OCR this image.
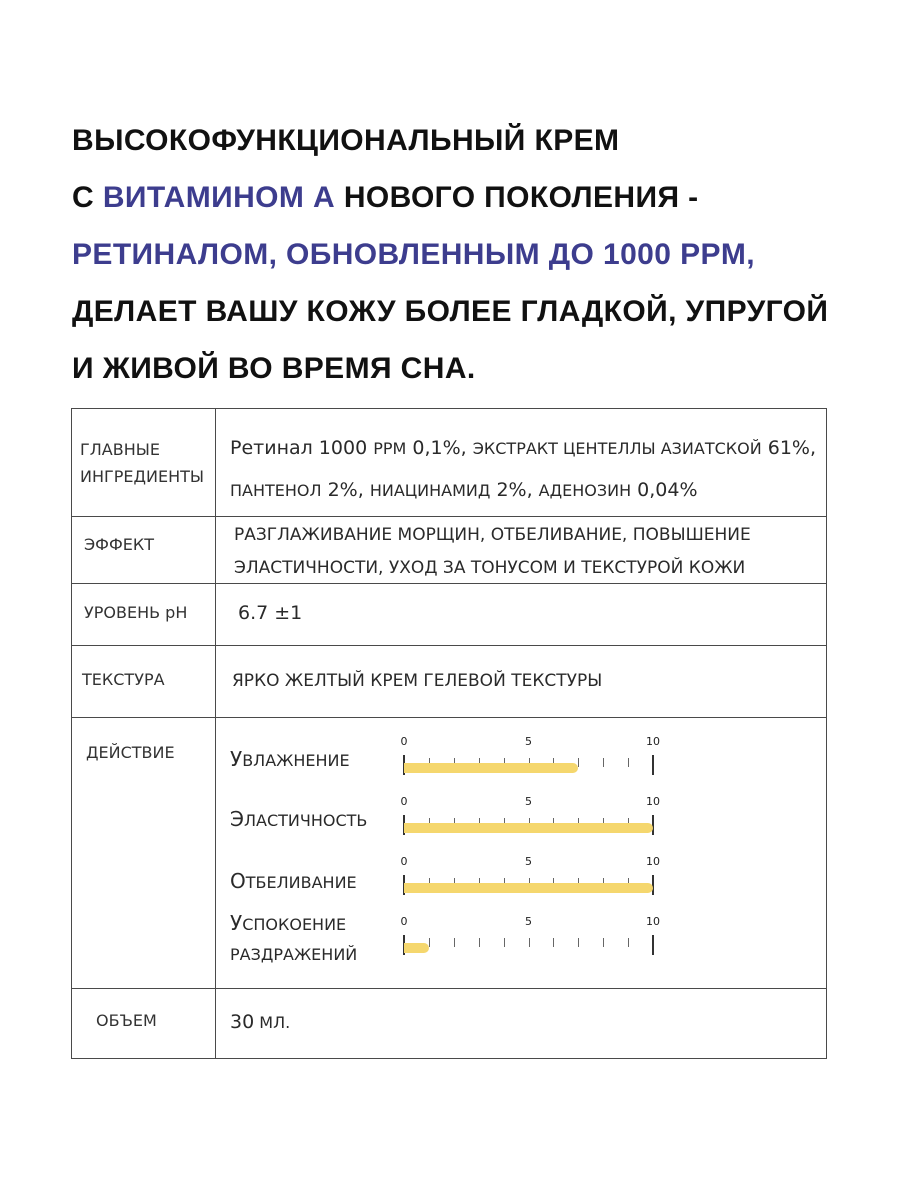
ВЫСОКОФУНКЦИОНАЛЬНЫЙ КРЕМ
С ВИТАМИНОМ А НОВОГО ПОКОЛЕНИЯ -
РЕТИНАЛОМ, ОБНОВЛЕННЫМ ДО 1000 PPM,
ДЕЛАЕТ ВАШУ КОЖУ БОЛЕЕ ГЛАДКОЙ, УПРУГОЙ
И ЖИВОЙ ВО ВРЕМЯ СНА.
ГЛАВНЫЕ ИНГРЕДИЕНТЫ
Ретинал 1000 PPM 0,1%, ЭКСТРАКТ ЦЕНТЕЛЛЫ АЗИАТСКОЙ 61%,
ПАНТЕНОЛ 2%, НИАЦИНАМИД 2%, АДЕНОЗИН 0,04%
ЭФФЕКТ	РАЗГЛАЖИВАНИЕ МОРЩИН, ОТБЕЛИВАНИЕ, ПОВЫШЕНИЕ
ЭЛАСТИЧНОСТИ, УХОД ЗА ТОНУСОМ И ТЕКСТУРОЙ КОЖИ
УРОВЕНЬ pH	6.7 ±1
ТЕКСТУРА	ЯРКО ЖЕЛТЫЙ КРЕМ ГЕЛЕВОЙ ТЕКСТУРЫ
ДЕЙСТВИЕ	УВЛАЖНЕНИЕ
0	5	10
ЭЛАСТИЧНОСТЬ
0	5	10
ОТБЕЛИВАНИЕ
0	5	10
УСПОКОЕНИЕ
РАЗДРАЖЕНИЙ
0	5	10
ОБЪЕМ	30 МЛ.
